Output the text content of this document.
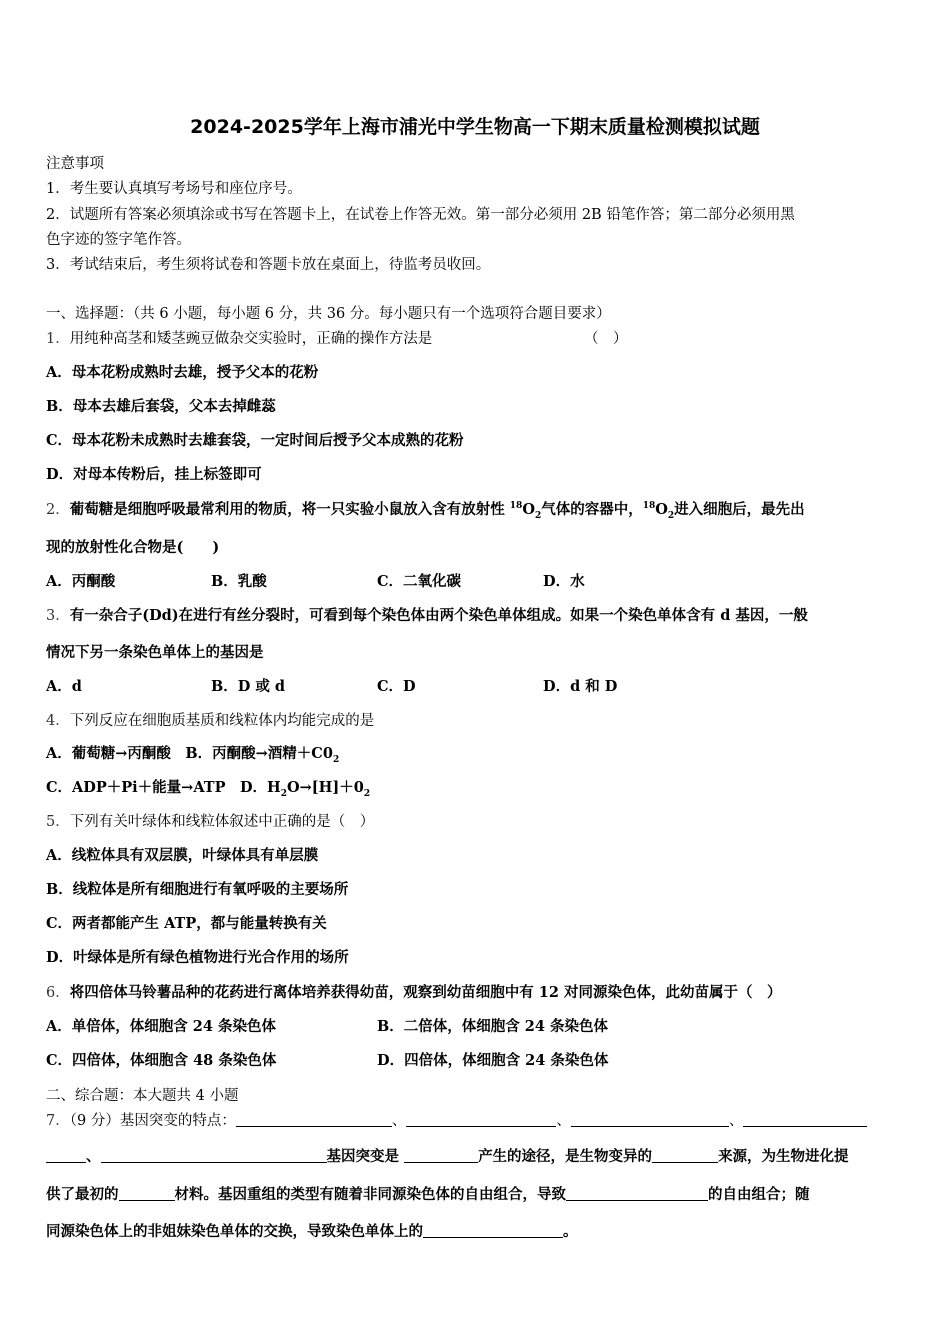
2024-2025学年上海市浦光中学生物高一下期末质量检测模拟试题
注意事项
1．考生要认真填写考场号和座位序号。
2．试题所有答案必须填涂或书写在答题卡上，在试卷上作答无效。第一部分必须用 2B 铅笔作答；第二部分必须用黑
色字迹的签字笔作答。
3．考试结束后，考生须将试卷和答题卡放在桌面上，待监考员收回。
一、选择题：（共 6 小题，每小题 6 分，共 36 分。每小题只有一个选项符合题目要求）
1．用纯种高茎和矮茎豌豆做杂交实验时，正确的操作方法是	（　）
A．母本花粉成熟时去雄，授予父本的花粉
B．母本去雄后套袋，父本去掉雌蕊
C．母本花粉未成熟时去雄套袋，一定时间后授予父本成熟的花粉
D．对母本传粉后，挂上标签即可
2．葡萄糖是细胞呼吸最常利用的物质，将一只实验小鼠放入含有放射性 $^{18}O_2$气体的容器中，$^{18}O_2$进入细胞后，最先出
现的放射性化合物是(　　)
A．丙酮酸	B．乳酸	C．二氧化碳	D．水
3．有一杂合子(Dd)在进行有丝分裂时，可看到每个染色体由两个染色单体组成。如果一个染色单体含有 d 基因，一般
情况下另一条染色单体上的基因是
A．d	B．D 或 d	C．D	D．d 和 D
4．下列反应在细胞质基质和线粒体内均能完成的是
A．葡萄糖→丙酮酸　B．丙酮酸→酒精$+C0_2$
C．ADP＋Pi＋能量→ATP　D．$H_2O\to[H]+0_2$
5．下列有关叶绿体和线粒体叙述中正确的是（　）
A．线粒体具有双层膜，叶绿体具有单层膜
B．线粒体是所有细胞进行有氧呼吸的主要场所
C．两者都能产生 ATP，都与能量转换有关
D．叶绿体是所有绿色植物进行光合作用的场所
6．将四倍体马铃薯品种的花药进行离体培养获得幼苗，观察到幼苗细胞中有 12 对同源染色体，此幼苗属于（　）
A．单倍体，体细胞含 24 条染色体	B．二倍体，体细胞含 24 条染色体
C．四倍体，体细胞含 48 条染色体	D．四倍体，体细胞含 24 条染色体
二、综合题：本大题共 4 小题
7．（9 分）基因突变的特点：	、	、	、
、	基因突变是	产生的途径，是生物变异的	来源，为生物进化提
供了最初的	材料。基因重组的类型有随着非同源染色体的自由组合，导致	的自由组合；随
同源染色体上的非姐妹染色单体的交换，导致染色单体上的	。
